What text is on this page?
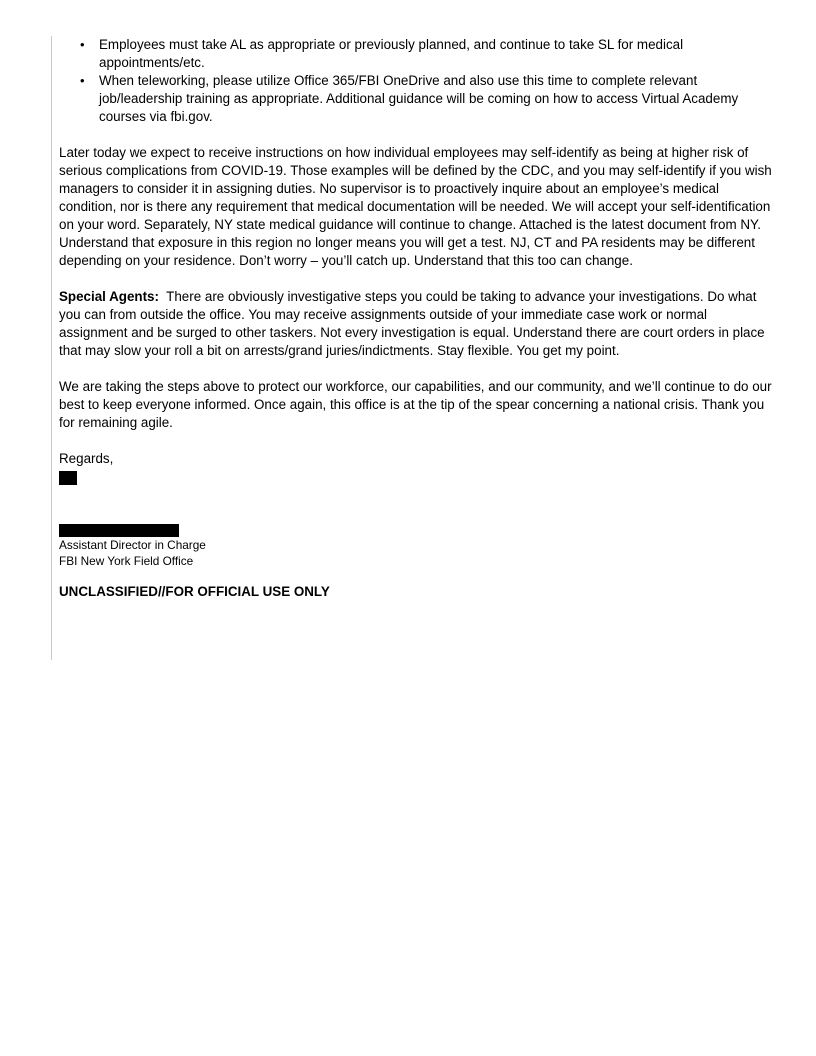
• Employees must take AL as appropriate or previously planned, and continue to take SL for medical appointments/etc.
• When teleworking, please utilize Office 365/FBI OneDrive and also use this time to complete relevant job/leadership training as appropriate. Additional guidance will be coming on how to access Virtual Academy courses via fbi.gov.

Later today we expect to receive instructions on how individual employees may self-identify as being at higher risk of serious complications from COVID-19. Those examples will be defined by the CDC, and you may self-identify if you wish managers to consider it in assigning duties. No supervisor is to proactively inquire about an employee’s medical condition, nor is there any requirement that medical documentation will be needed. We will accept your self-identification on your word. Separately, NY state medical guidance will continue to change. Attached is the latest document from NY. Understand that exposure in this region no longer means you will get a test. NJ, CT and PA residents may be different depending on your residence. Don’t worry – you’ll catch up. Understand that this too can change.

Special Agents: There are obviously investigative steps you could be taking to advance your investigations. Do what you can from outside the office. You may receive assignments outside of your immediate case work or normal assignment and be surged to other taskers. Not every investigation is equal. Understand there are court orders in place that may slow your roll a bit on arrests/grand juries/indictments. Stay flexible. You get my point.

We are taking the steps above to protect our workforce, our capabilities, and our community, and we’ll continue to do our best to keep everyone informed. Once again, this office is at the tip of the spear concerning a national crisis. Thank you for remaining agile.

Regards,
Assistant Director in Charge
FBI New York Field Office
UNCLASSIFIED//FOR OFFICIAL USE ONLY
